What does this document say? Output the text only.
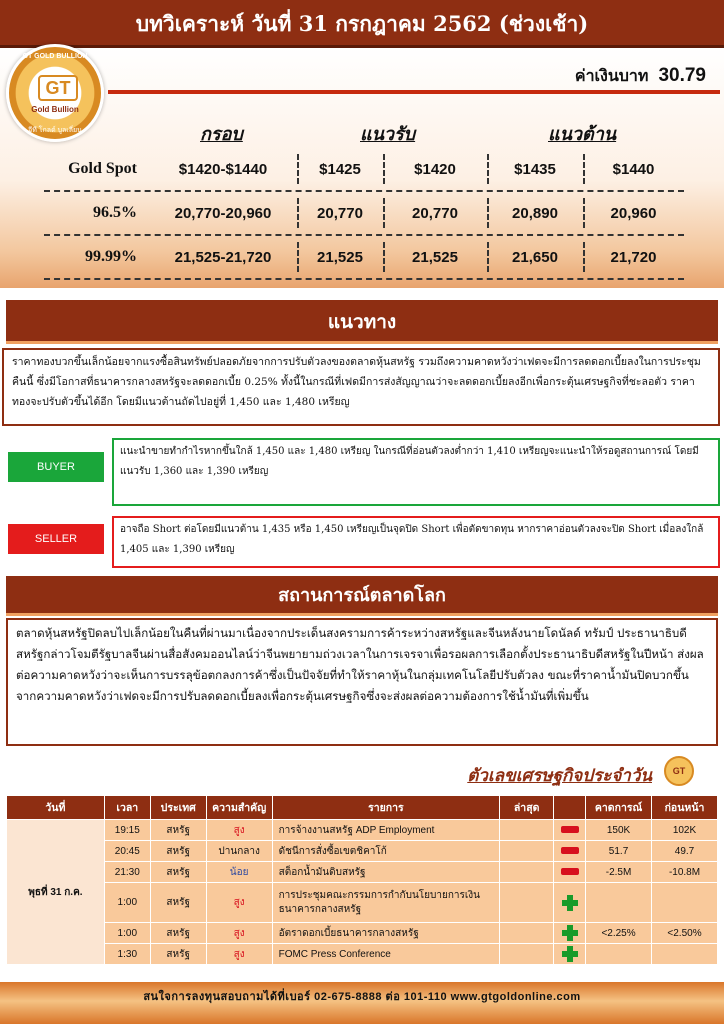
บทวิเคราะห์ วันที่ 31 กรกฎาคม 2562 (ช่วงเช้า)
GT GOLD BULLION
GT
Gold Bullion
จีที โกลด์ บูลเลี่ยน
ค่าเงินบาท 30.79
กรอบ	แนวรับ	แนวต้าน
Gold Spot	$1420-$1440	$1425	$1420	$1435	$1440
96.5%	20,770-20,960	20,770	20,770	20,890	20,960
99.99%	21,525-21,720	21,525	21,525	21,650	21,720
แนวทาง
ราคาทองบวกขึ้นเล็กน้อยจากแรงซื้อสินทรัพย์ปลอดภัยจากการปรับตัวลงของตลาดหุ้นสหรัฐ รวมถึงความคาดหวังว่าเฟดจะมีการลดดอกเบี้ยลงในการประชุมคืนนี้ ซึ่งมีโอกาสที่ธนาคารกลางสหรัฐจะลดดอกเบี้ย 0.25% ทั้งนี้ในกรณีที่เฟดมีการส่งสัญญาณว่าจะลดดอกเบี้ยลงอีกเพื่อกระตุ้นเศรษฐกิจที่ชะลอตัว ราคาทองจะปรับตัวขึ้นได้อีก โดยมีแนวต้านถัดไปอยู่ที่ 1,450 และ 1,480 เหรียญ
BUYER
แนะนำขายทำกำไรหากขึ้นใกล้ 1,450 และ 1,480 เหรียญ ในกรณีที่อ่อนตัวลงต่ำกว่า 1,410 เหรียญจะแนะนำให้รอดูสถานการณ์ โดยมีแนวรับ 1,360 และ 1,390 เหรียญ
SELLER
อาจถือ Short ต่อโดยมีแนวต้าน 1,435 หรือ 1,450 เหรียญเป็นจุดปิด Short เพื่อตัดขาดทุน หากราคาอ่อนตัวลงจะปิด Short เมื่อลงใกล้ 1,405 และ 1,390 เหรียญ
สถานการณ์ตลาดโลก
ตลาดหุ้นสหรัฐปิดลบไปเล็กน้อยในคืนที่ผ่านมาเนื่องจากประเด็นสงครามการค้าระหว่างสหรัฐและจีนหลังนายโดนัลด์ ทรัมป์ ประธานาธิบดีสหรัฐกล่าวโจมตีรัฐบาลจีนผ่านสื่อสังคมออนไลน์ว่าจีนพยายามถ่วงเวลาในการเจรจาเพื่อรอผลการเลือกตั้งประธานาธิบดีสหรัฐในปีหน้า ส่งผลต่อความคาดหวังว่าจะเห็นการบรรลุข้อตกลงการค้าซึ่งเป็นปัจจัยที่ทำให้ราคาหุ้นในกลุ่มเทคโนโลยีปรับตัวลง ขณะที่ราคาน้ำมันปิดบวกขึ้นจากความคาดหวังว่าเฟดจะมีการปรับลดดอกเบี้ยลงเพื่อกระตุ้นเศรษฐกิจซึ่งจะส่งผลต่อความต้องการใช้น้ำมันที่เพิ่มขึ้น
ตัวเลขเศรษฐกิจประจำวัน	GT
วันที่	เวลา	ประเทศ	ความสำคัญ	รายการ	ล่าสุด		คาดการณ์	ก่อนหน้า
พุธที่ 31 ก.ค.	19:15	สหรัฐ	สูง	การจ้างงานสหรัฐ ADP Employment			150K	102K
	20:45	สหรัฐ	ปานกลาง	ดัชนีการสั่งซื้อเขตชิคาโก้			51.7	49.7
	21:30	สหรัฐ	น้อย	สต็อกน้ำมันดิบสหรัฐ			-2.5M	-10.8M
	1:00	สหรัฐ	สูง	การประชุมคณะกรรมการกำกับนโยบายการเงินธนาคารกลางสหรัฐ				
	1:00	สหรัฐ	สูง	อัตราดอกเบี้ยธนาคารกลางสหรัฐ			<2.25%	<2.50%
	1:30	สหรัฐ	สูง	FOMC Press Conference				
สนใจการลงทุนสอบถามได้ที่เบอร์ 02-675-8888 ต่อ 101-110 www.gtgoldonline.com
